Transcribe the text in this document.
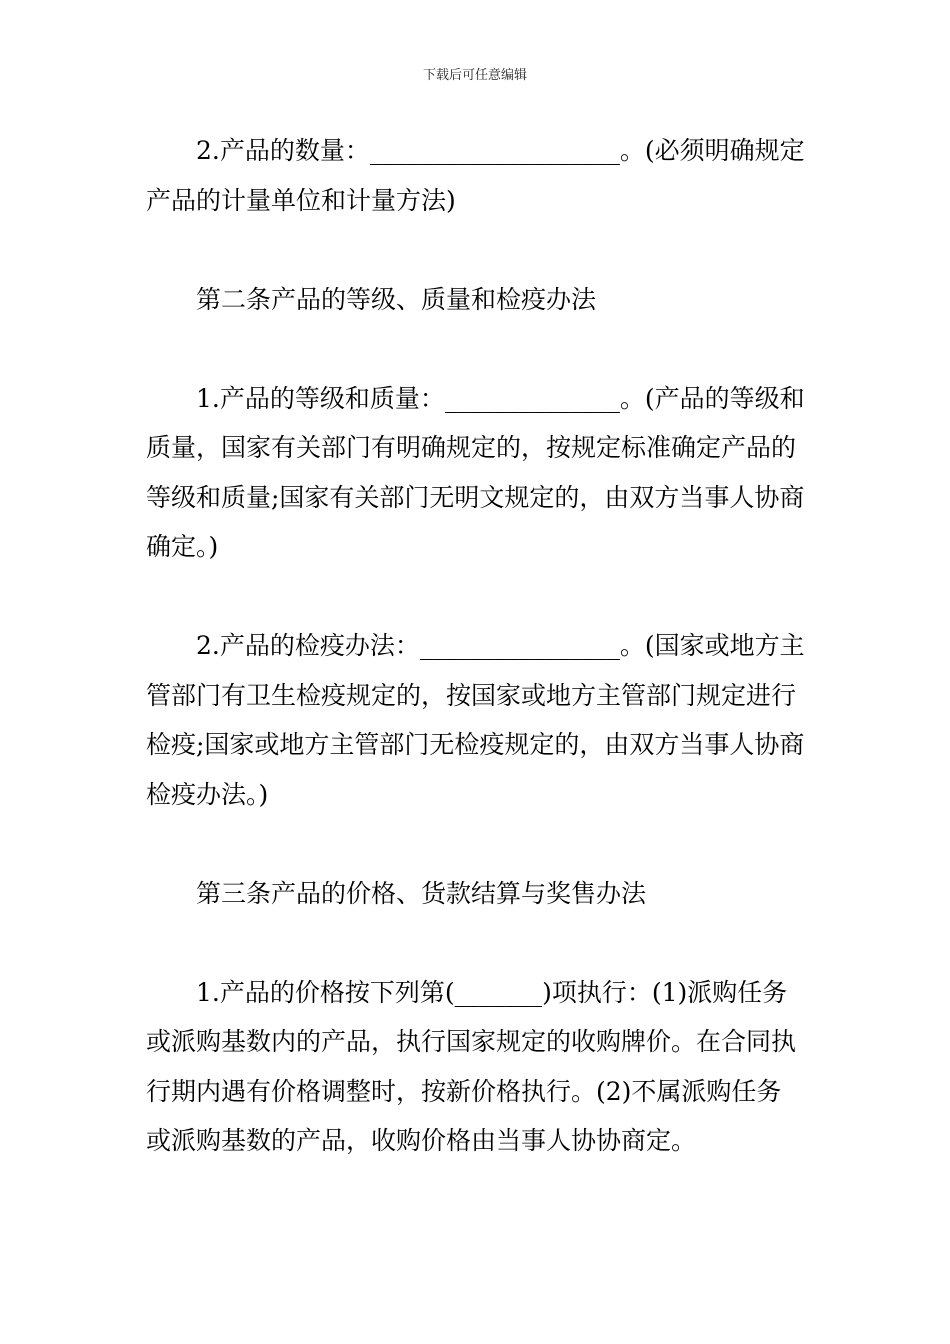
下载后可任意编辑

2.产品的数量：____________________。(必须明确规定产品的计量单位和计量方法)

第二条产品的等级、质量和检疫办法

1.产品的等级和质量：______________。(产品的等级和质量，国家有关部门有明确规定的，按规定标准确定产品的等级和质量;国家有关部门无明文规定的，由双方当事人协商确定。)

2.产品的检疫办法：________________。(国家或地方主管部门有卫生检疫规定的，按国家或地方主管部门规定进行检疫;国家或地方主管部门无检疫规定的，由双方当事人协商检疫办法。)

第三条产品的价格、货款结算与奖售办法

1.产品的价格按下列第(_______)项执行：(1)派购任务或派购基数内的产品，执行国家规定的收购牌价。在合同执行期内遇有价格调整时，按新价格执行。(2)不属派购任务或派购基数的产品，收购价格由当事人协协商定。
